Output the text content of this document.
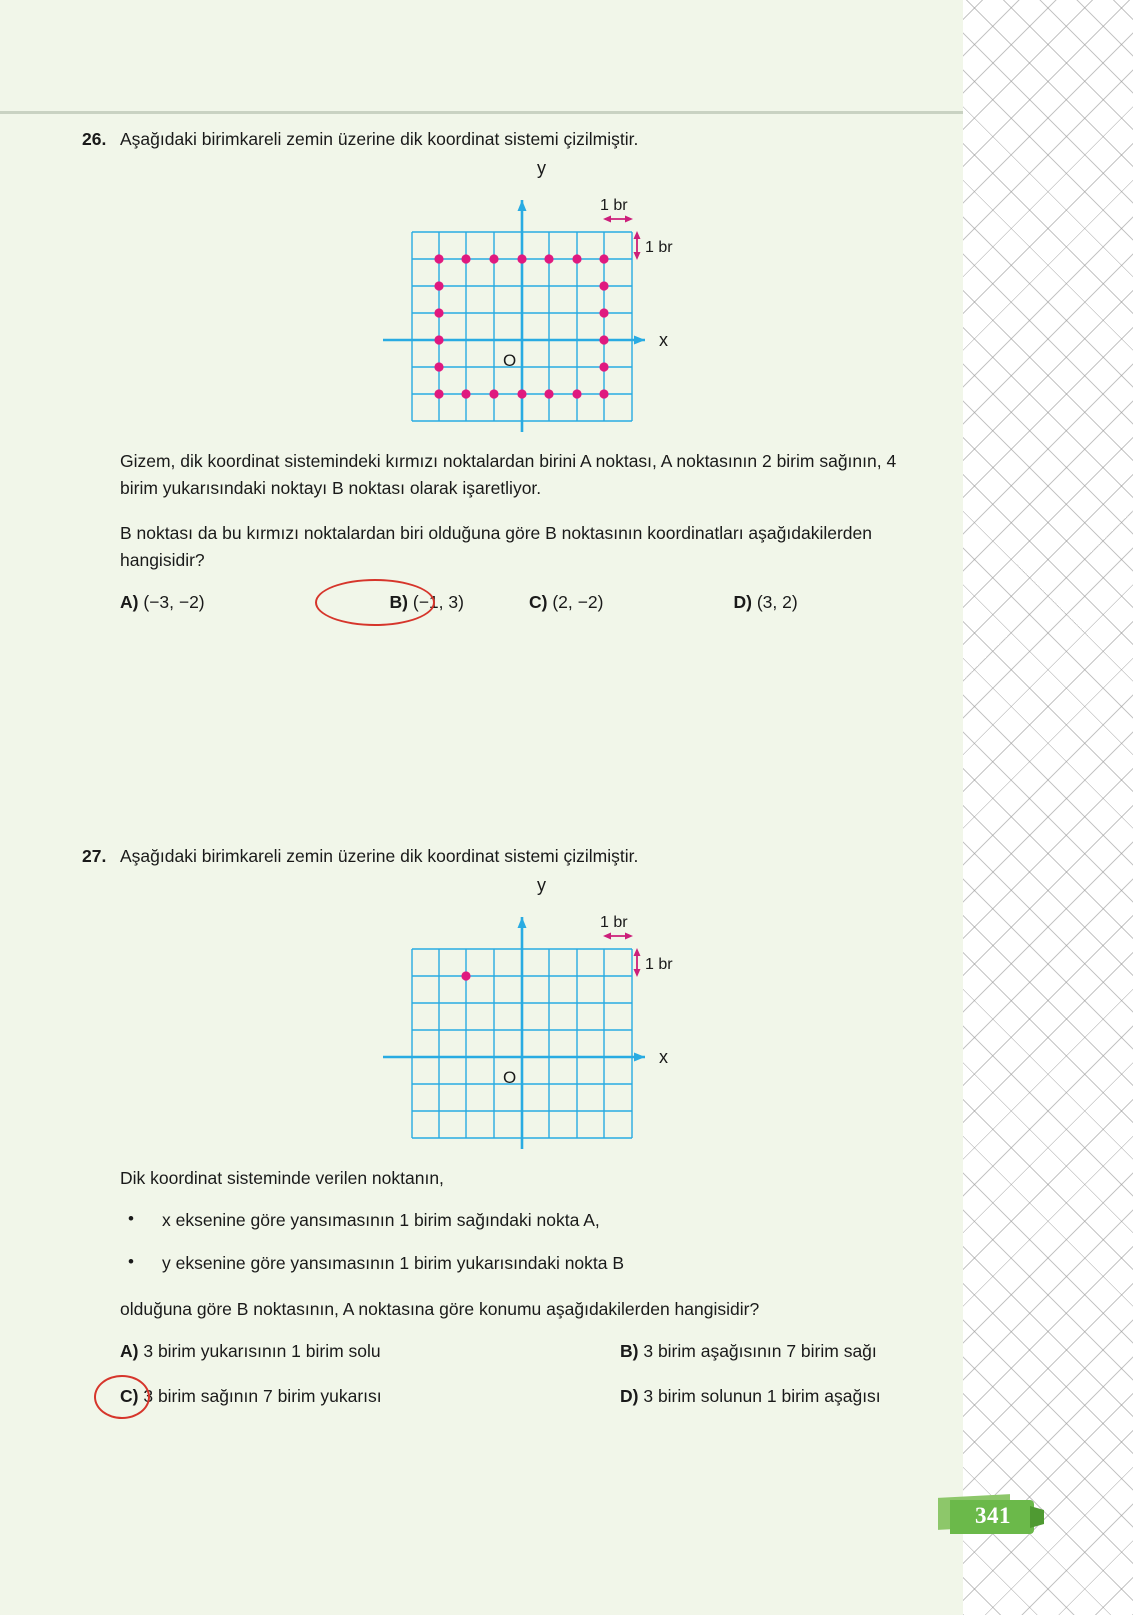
26. Aşağıdaki birimkareli zemin üzerine dik koordinat sistemi çizilmiştir.
y
x
O
1 br
1 br

Gizem, dik koordinat sistemindeki kırmızı noktalardan birini A noktası, A noktasının 2 birim sağının, 4 birim yukarısındaki noktayı B noktası olarak işaretliyor.

B noktası da bu kırmızı noktalardan biri olduğuna göre B noktasının koordinatları aşağıdakilerden hangisidir?

A) (−3, −2)	B) (−1, 3)	C) (2, −2)	D) (3, 2)
27. Aşağıdaki birimkareli zemin üzerine dik koordinat sistemi çizilmiştir.
y
x
O
1 br
1 br

Dik koordinat sisteminde verilen noktanın,

• x eksenine göre yansımasının 1 birim sağındaki nokta A,
• y eksenine göre yansımasının 1 birim yukarısındaki nokta B

olduğuna göre B noktasının, A noktasına göre konumu aşağıdakilerden hangisidir?

A) 3 birim yukarısının 1 birim solu	B) 3 birim aşağısının 7 birim sağı
C) 3 birim sağının 7 birim yukarısı	D) 3 birim solunun 1 birim aşağısı
341
